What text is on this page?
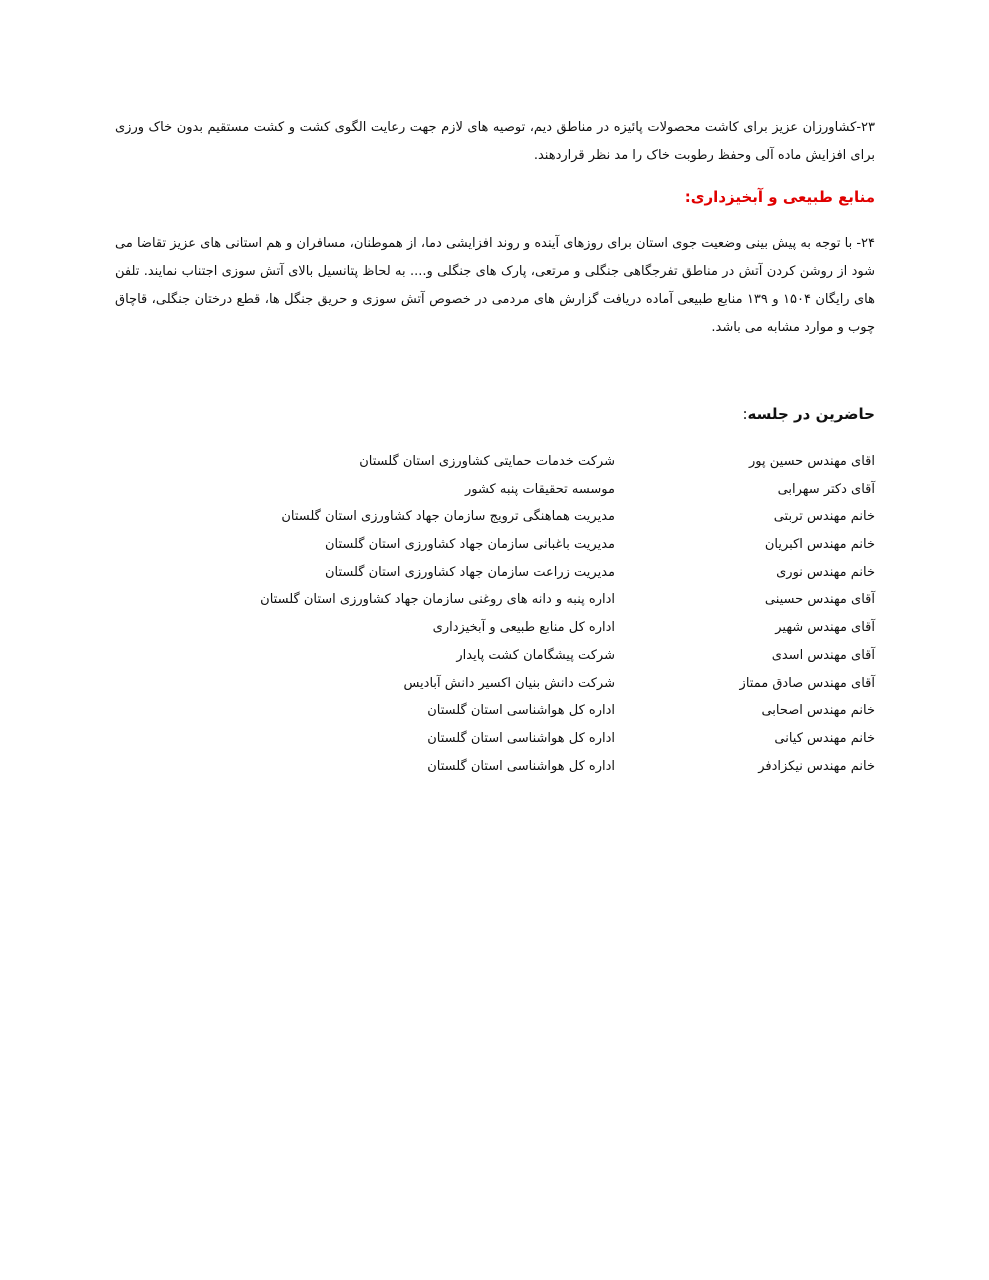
۲۳-کشاورزان عزیز برای کاشت محصولات پائیزه در مناطق دیم، توصیه های لازم جهت رعایت الگوی کشت و کشت مستقیم بدون خاک ورزی برای افزایش ماده آلی وحفظ رطوبت خاک را مد نظر قراردهند.
منابع طبیعی و آبخیزداری:
۲۴- با توجه به پیش بینی وضعیت جوی استان برای روزهای آینده و روند افزایشی دما، از هموطنان، مسافران و هم استانی های عزیز تقاضا می شود از روشن کردن آتش در مناطق تفرجگاهی جنگلی و مرتعی، پارک های جنگلی و.... به لحاظ پتانسیل بالای آتش سوزی اجتناب نمایند. تلفن های رایگان ۱۵۰۴ و ۱۳۹ منابع طبیعی آماده دریافت گزارش های مردمی در خصوص آتش سوزی و حریق جنگل ها، قطع درختان جنگلی، قاچاق چوب و موارد مشابه می باشد.
حاضرین در جلسه:
اقای مهندس حسین پور
شرکت خدمات حمایتی کشاورزی استان گلستان
آقای دکتر سهرابی
موسسه تحقیقات پنبه کشور
خانم مهندس تربتی
مدیریت هماهنگی ترویج سازمان جهاد کشاورزی استان گلستان
خانم مهندس اکبریان
مدیریت باغبانی سازمان جهاد کشاورزی استان گلستان
خانم مهندس نوری
مدیریت زراعت سازمان جهاد کشاورزی استان گلستان
آقای مهندس حسینی
اداره پنبه و دانه های روغنی سازمان جهاد کشاورزی استان گلستان
آقای مهندس شهیر
اداره کل منابع طبیعی و آبخیزداری
آقای مهندس اسدی
شرکت پیشگامان کشت پایدار
آقای مهندس صادق ممتاز
شرکت دانش بنیان اکسیر دانش آبادیس
خانم مهندس اصحابی
اداره کل هواشناسی استان گلستان
خانم مهندس کیانی
اداره کل هواشناسی استان گلستان
خانم مهندس نیکزادفر
اداره کل هواشناسی استان گلستان
